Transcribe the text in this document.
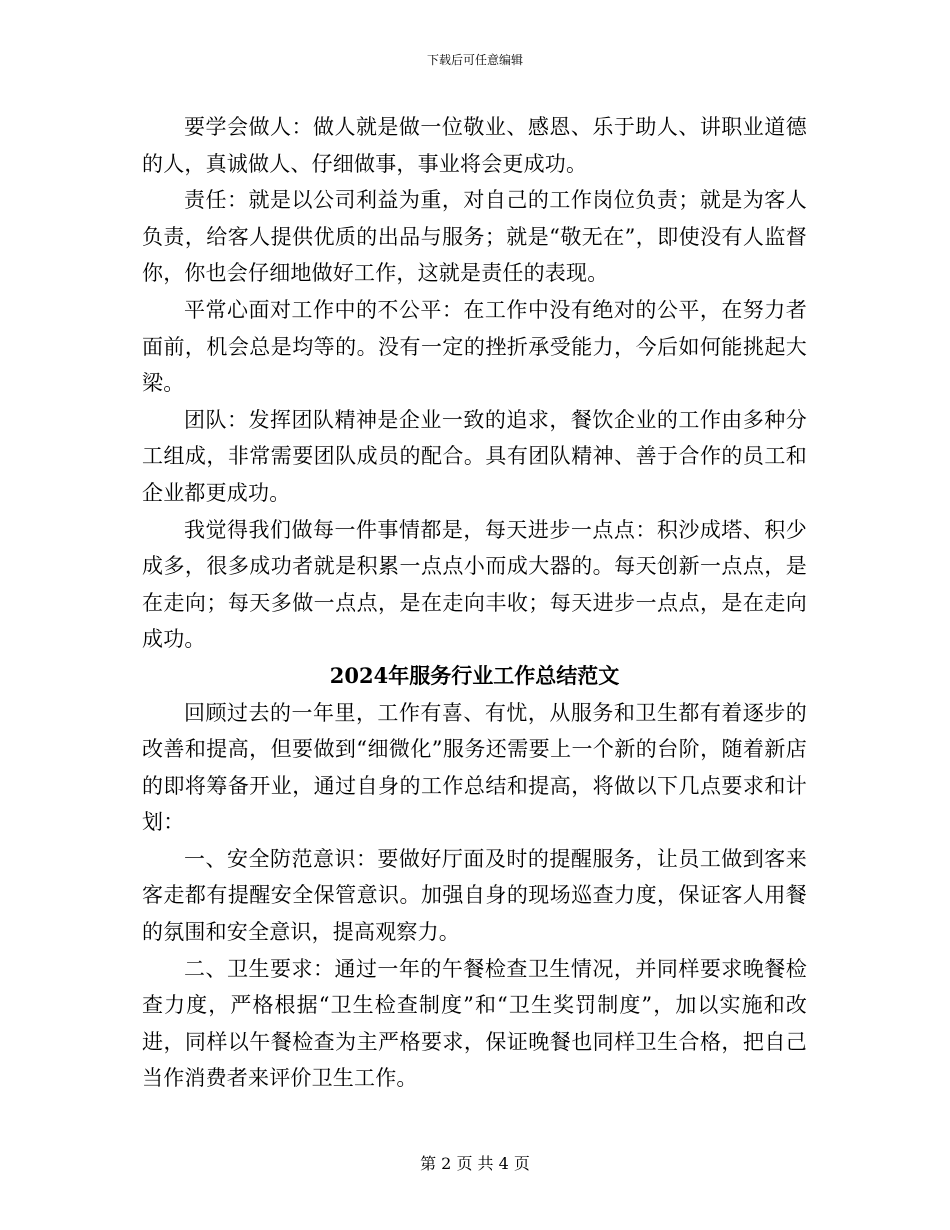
下载后可任意编辑

要学会做人：做人就是做一位敬业、感恩、乐于助人、讲职业道德的人，真诚做人、仔细做事，事业将会更成功。

责任：就是以公司利益为重，对自己的工作岗位负责；就是为客人负责，给客人提供优质的出品与服务；就是“敬无在”，即使没有人监督你，你也会仔细地做好工作，这就是责任的表现。

平常心面对工作中的不公平：在工作中没有绝对的公平，在努力者面前，机会总是均等的。没有一定的挫折承受能力，今后如何能挑起大梁。

团队：发挥团队精神是企业一致的追求，餐饮企业的工作由多种分工组成，非常需要团队成员的配合。具有团队精神、善于合作的员工和企业都更成功。

我觉得我们做每一件事情都是，每天进步一点点：积沙成塔、积少成多，很多成功者就是积累一点点小而成大器的。每天创新一点点，是在走向；每天多做一点点，是在走向丰收；每天进步一点点，是在走向成功。

2024年服务行业工作总结范文

回顾过去的一年里，工作有喜、有忧，从服务和卫生都有着逐步的改善和提高，但要做到“细微化”服务还需要上一个新的台阶，随着新店的即将筹备开业，通过自身的工作总结和提高，将做以下几点要求和计划：

一、安全防范意识：要做好厅面及时的提醒服务，让员工做到客来客走都有提醒安全保管意识。加强自身的现场巡查力度，保证客人用餐的氛围和安全意识，提高观察力。

二、卫生要求：通过一年的午餐检查卫生情况，并同样要求晚餐检查力度，严格根据“卫生检查制度”和“卫生奖罚制度”，加以实施和改进，同样以午餐检查为主严格要求，保证晚餐也同样卫生合格，把自己当作消费者来评价卫生工作。

第 2 页 共 4 页
